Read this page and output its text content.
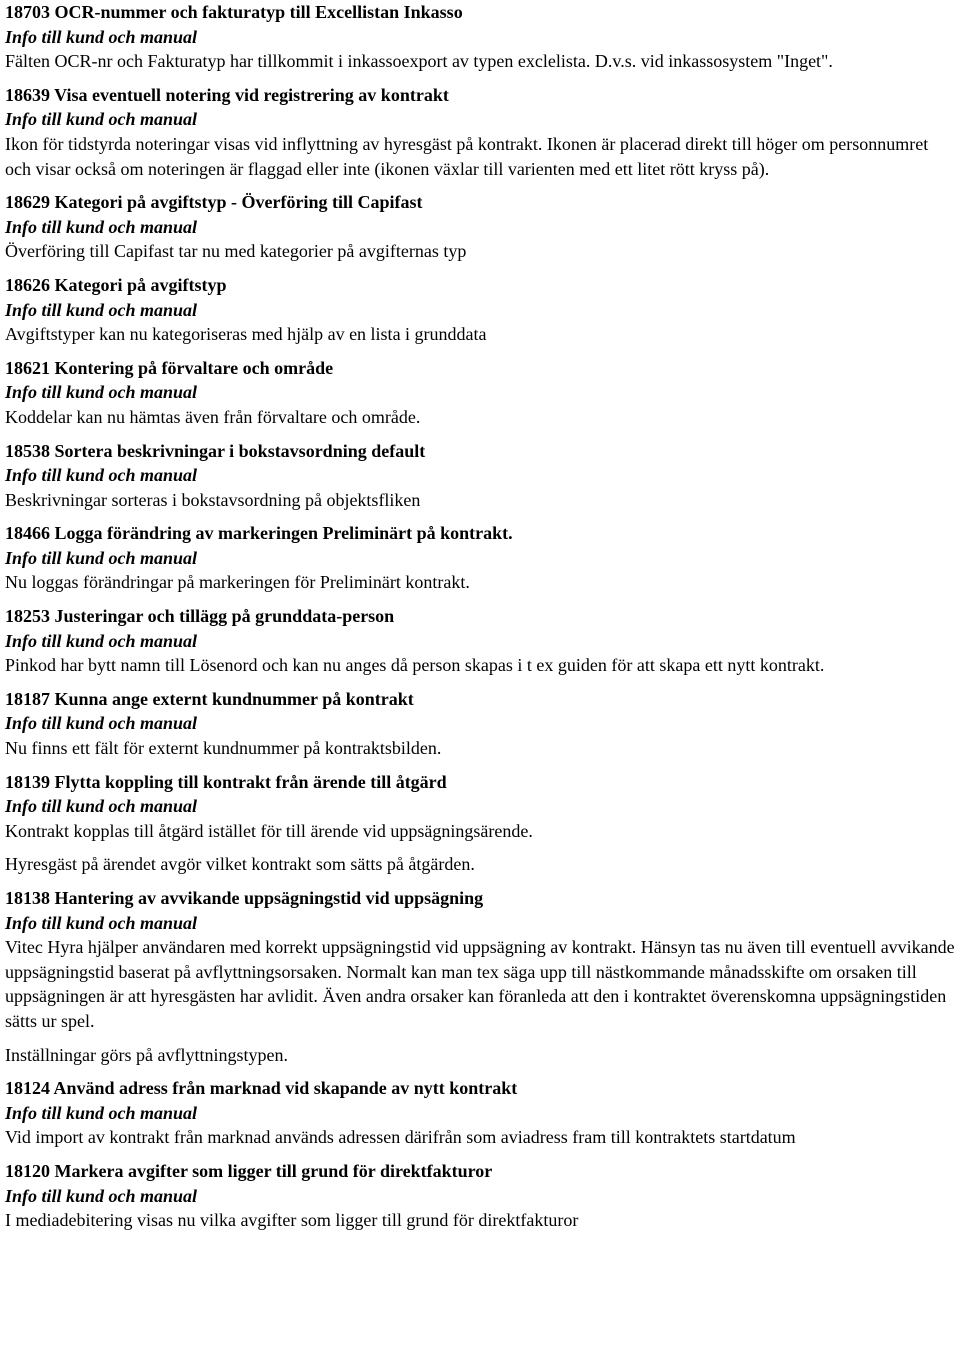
18703 OCR-nummer och fakturatyp till Excellistan Inkasso
Info till kund och manual
Fälten OCR-nr och Fakturatyp har tillkommit i inkassoexport av typen exclelista. D.v.s. vid inkassosystem "Inget".
18639 Visa eventuell notering vid registrering av kontrakt
Info till kund och manual
Ikon för tidstyrda noteringar visas vid inflyttning av hyresgäst på kontrakt. Ikonen är placerad direkt till höger om personnumret och visar också om noteringen är flaggad eller inte (ikonen växlar till varienten med ett litet rött kryss på).
18629 Kategori på avgiftstyp - Överföring till Capifast
Info till kund och manual
Överföring till Capifast tar nu med kategorier på avgifternas typ
18626 Kategori på avgiftstyp
Info till kund och manual
Avgiftstyper kan nu kategoriseras med hjälp av en lista i grunddata
18621 Kontering på förvaltare och område
Info till kund och manual
Koddelar kan nu hämtas även från förvaltare och område.
18538 Sortera beskrivningar i bokstavsordning default
Info till kund och manual
Beskrivningar sorteras i bokstavsordning på objektsfliken
18466 Logga förändring av markeringen Preliminärt på kontrakt.
Info till kund och manual
Nu loggas förändringar på markeringen för Preliminärt kontrakt.
18253 Justeringar och tillägg på grunddata-person
Info till kund och manual
Pinkod har bytt namn till Lösenord och kan nu anges då person skapas i t ex guiden för att skapa ett nytt kontrakt.
18187 Kunna ange externt kundnummer på kontrakt
Info till kund och manual
Nu finns ett fält för externt kundnummer på kontraktsbilden.
18139 Flytta koppling till kontrakt från ärende till åtgärd
Info till kund och manual
Kontrakt kopplas till åtgärd istället för till ärende vid uppsägningsärende.
Hyresgäst på ärendet avgör vilket kontrakt som sätts på åtgärden.
18138 Hantering av avvikande uppsägningstid vid uppsägning
Info till kund och manual
Vitec Hyra hjälper användaren med korrekt uppsägningstid vid uppsägning av kontrakt. Hänsyn tas nu även till eventuell avvikande uppsägningstid baserat på avflyttningsorsaken. Normalt kan man tex säga upp till nästkommande månadsskifte om orsaken till uppsägningen är att hyresgästen har avlidit. Även andra orsaker kan föranleda att den i kontraktet överenskomna uppsägningstiden sätts ur spel.
Inställningar görs på avflyttningstypen.
18124 Använd adress från marknad vid skapande av nytt kontrakt
Info till kund och manual
Vid import av kontrakt från marknad används adressen därifrån som aviadress fram till kontraktets startdatum
18120 Markera avgifter som ligger till grund för direktfakturor
Info till kund och manual
I mediadebitering visas nu vilka avgifter som ligger till grund för direktfakturor
